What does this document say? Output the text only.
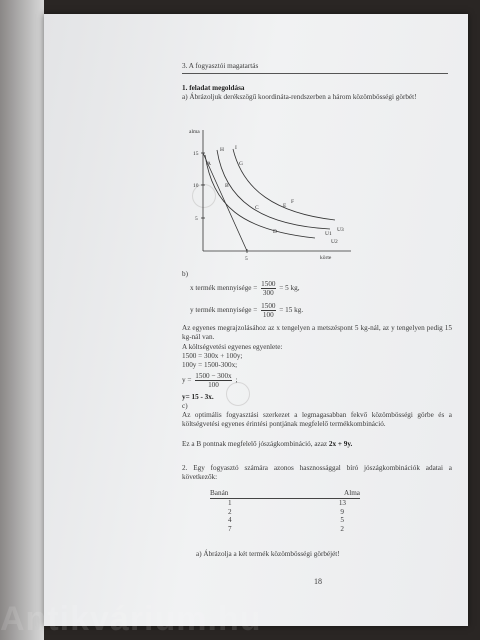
3. A fogyasztói magatartás
1. feladat megoldása
a) Ábrázoljuk derékszögű koordináta-rendszerben a három közömbösségi görbét!
alma
körte
15
10
5
5
U1
U2
U3
A
B
C
D
E
F
G
H I
b)
x termék mennyisége = $\frac{1500}{300} = 5$ kg,
y termék mennyisége = $\frac{1500}{100} = 15$ kg.
Az egyenes megrajzolásához az x tengelyen a metszéspont 5 kg-nál, az y tengelyen pedig 15 kg-nál van.
A költségvetési egyenes egyenlete:
1500 = 300x + 100y;
100y = 1500-300x;
$y = \frac{1500 - 300x}{100}$ ;
y= 15 - 3x.
c)
Az optimális fogyasztási szerkezet a legmagasabban fekvő közömbösségi görbe és a költségvetési egyenes érintési pontjának megfelelő termékkombináció.
Ez a B pontnak megfelelő jószágkombináció, azaz 2x + 9y.
2. Egy fogyasztó számára azonos hasznossággal bíró jószágkombinációk adatai a következők:
Banán	Alma
1	13
2	9
4	5
7	2
a) Ábrázolja a két termék közömbösségi görbéjét!
18
Antikvárium.hu
